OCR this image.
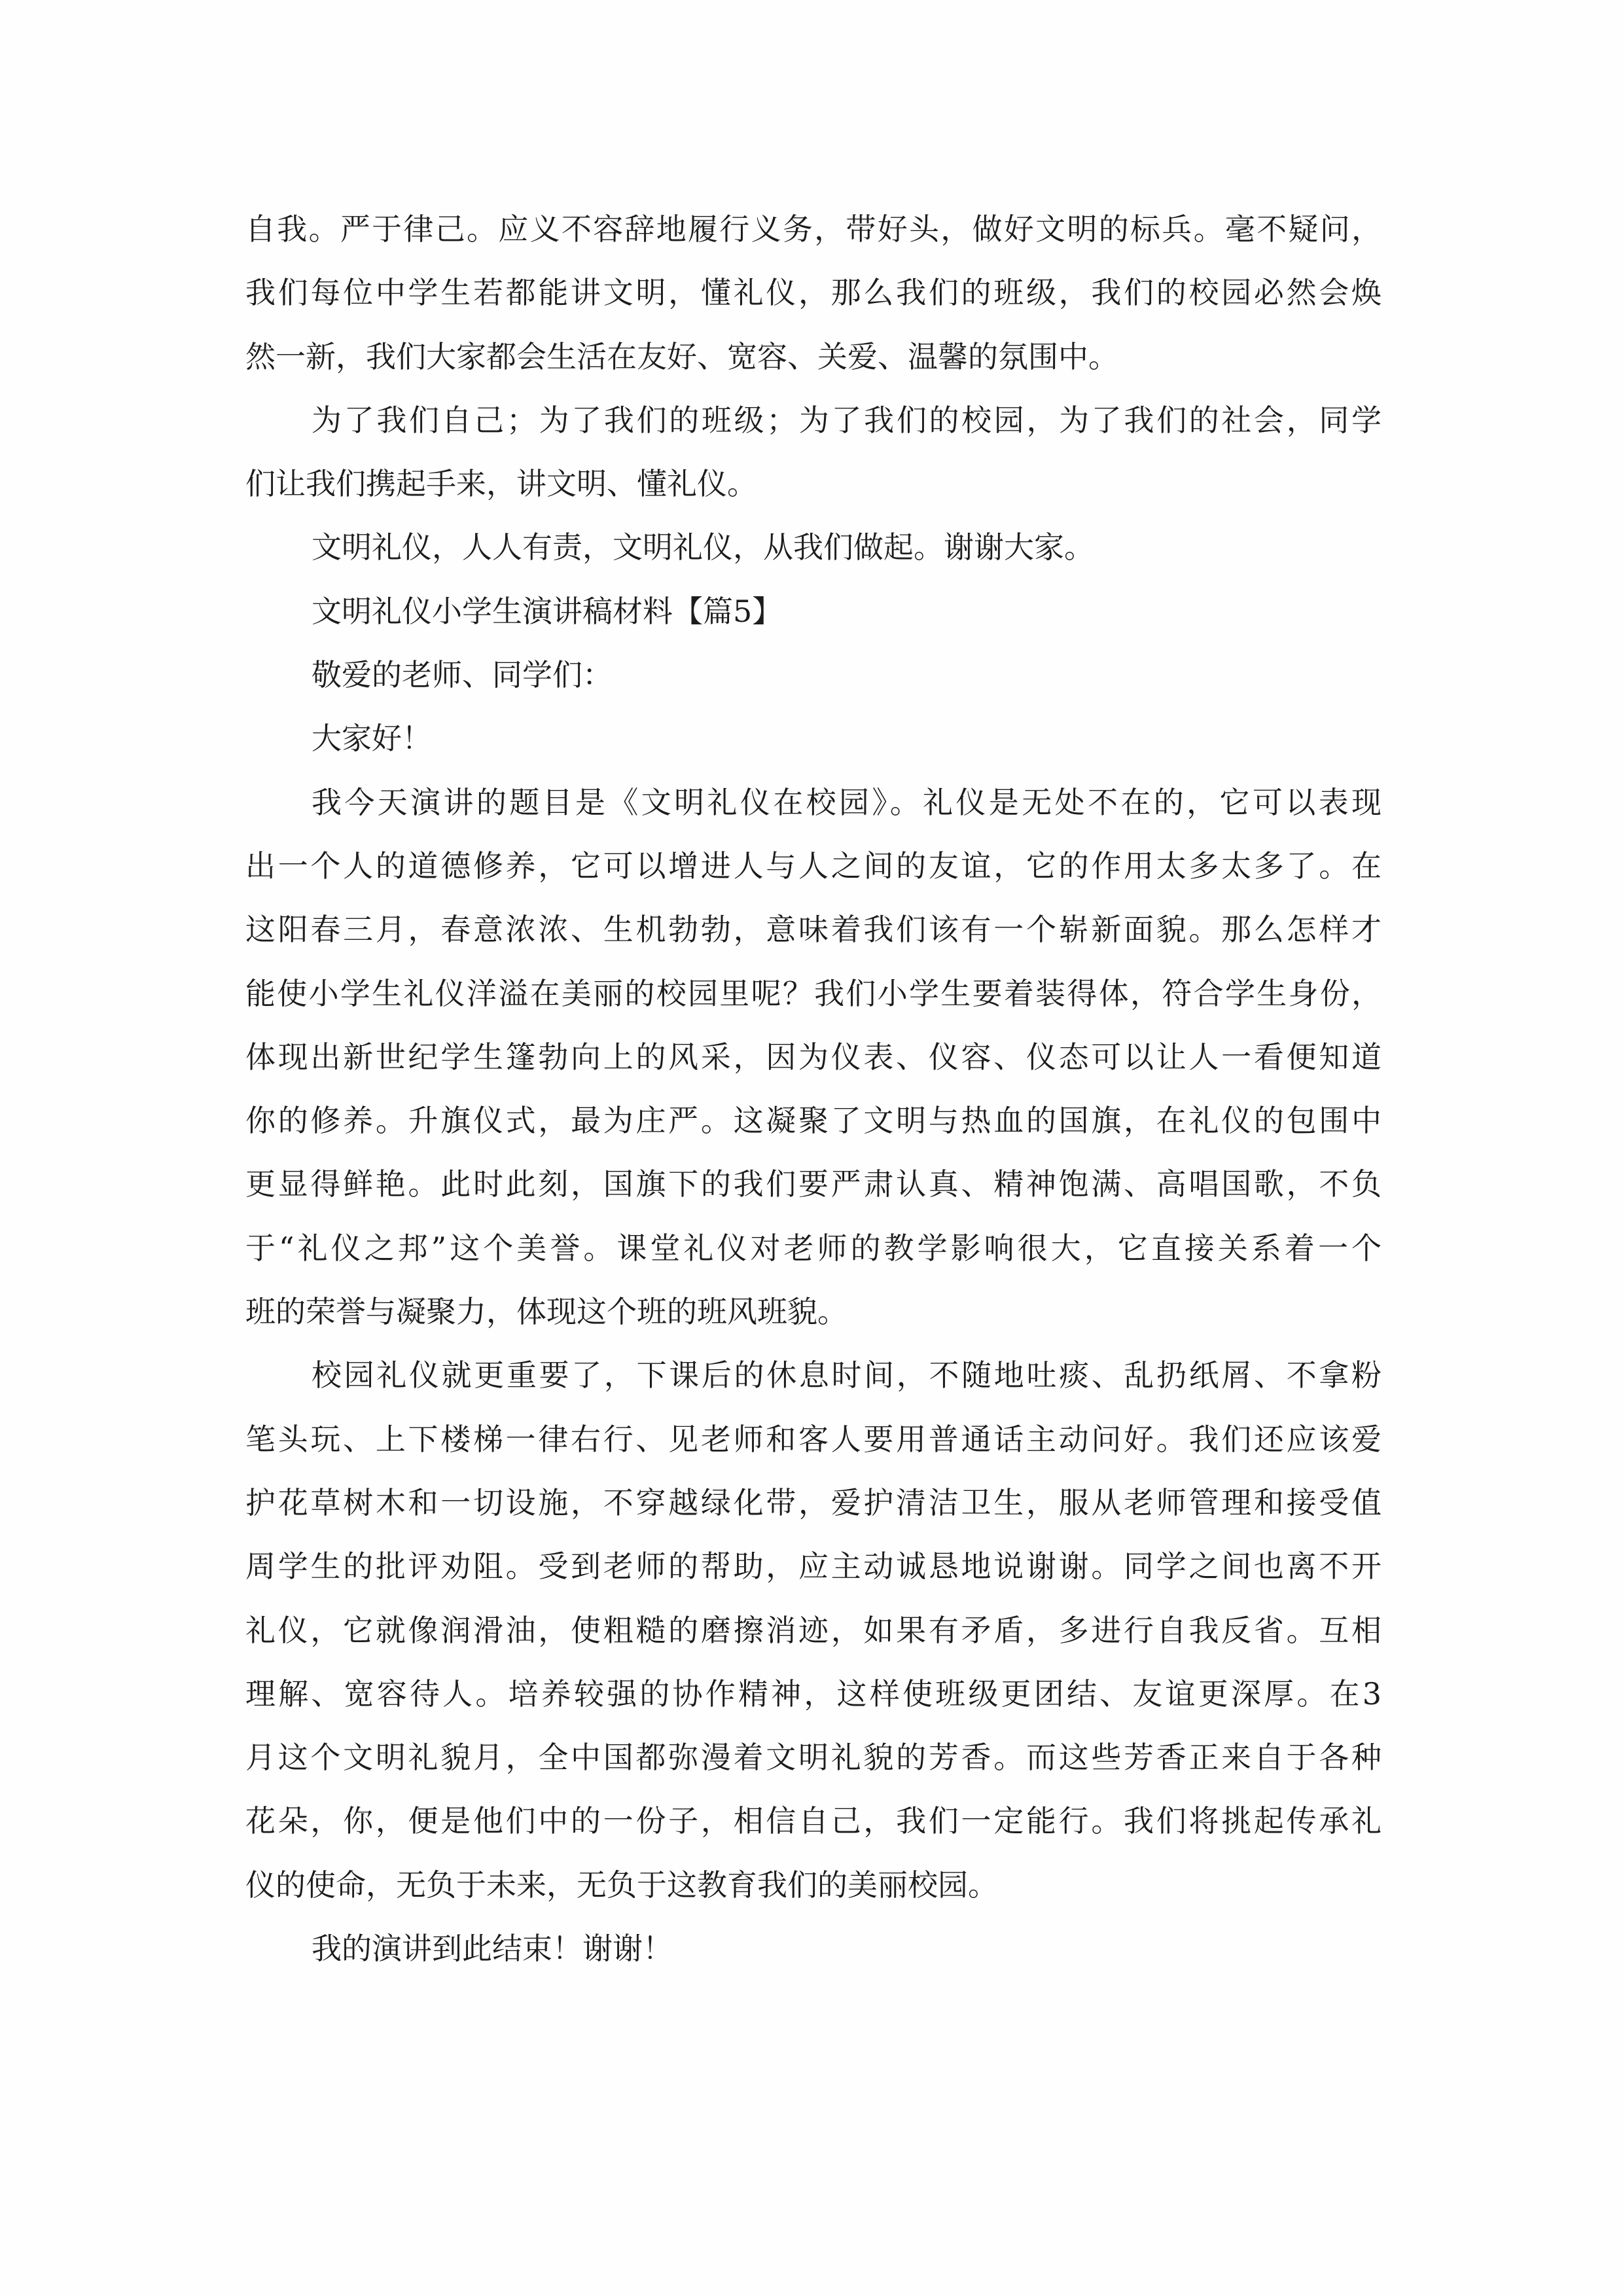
自我。严于律己。应义不容辞地履行义务，带好头，做好文明的标兵。毫不疑问，
我们每位中学生若都能讲文明，懂礼仪，那么我们的班级，我们的校园必然会焕
然一新，我们大家都会生活在友好、宽容、关爱、温馨的氛围中。
为了我们自己；为了我们的班级；为了我们的校园，为了我们的社会，同学
们让我们携起手来，讲文明、懂礼仪。
文明礼仪，人人有责，文明礼仪，从我们做起。谢谢大家。
文明礼仪小学生演讲稿材料【篇5】
敬爱的老师、同学们：
大家好！
我今天演讲的题目是《文明礼仪在校园》。礼仪是无处不在的，它可以表现
出一个人的道德修养，它可以增进人与人之间的友谊，它的作用太多太多了。在
这阳春三月，春意浓浓、生机勃勃，意味着我们该有一个崭新面貌。那么怎样才
能使小学生礼仪洋溢在美丽的校园里呢？我们小学生要着装得体，符合学生身份，
体现出新世纪学生篷勃向上的风采，因为仪表、仪容、仪态可以让人一看便知道
你的修养。升旗仪式，最为庄严。这凝聚了文明与热血的国旗，在礼仪的包围中
更显得鲜艳。此时此刻，国旗下的我们要严肃认真、精神饱满、高唱国歌，不负
于“礼仪之邦”这个美誉。课堂礼仪对老师的教学影响很大，它直接关系着一个
班的荣誉与凝聚力，体现这个班的班风班貌。
校园礼仪就更重要了，下课后的休息时间，不随地吐痰、乱扔纸屑、不拿粉
笔头玩、上下楼梯一律右行、见老师和客人要用普通话主动问好。我们还应该爱
护花草树木和一切设施，不穿越绿化带，爱护清洁卫生，服从老师管理和接受值
周学生的批评劝阻。受到老师的帮助，应主动诚恳地说谢谢。同学之间也离不开
礼仪，它就像润滑油，使粗糙的磨擦消迹，如果有矛盾，多进行自我反省。互相
理解、宽容待人。培养较强的协作精神，这样使班级更团结、友谊更深厚。在3
月这个文明礼貌月，全中国都弥漫着文明礼貌的芳香。而这些芳香正来自于各种
花朵，你，便是他们中的一份子，相信自己，我们一定能行。我们将挑起传承礼
仪的使命，无负于未来，无负于这教育我们的美丽校园。
我的演讲到此结束！谢谢！
